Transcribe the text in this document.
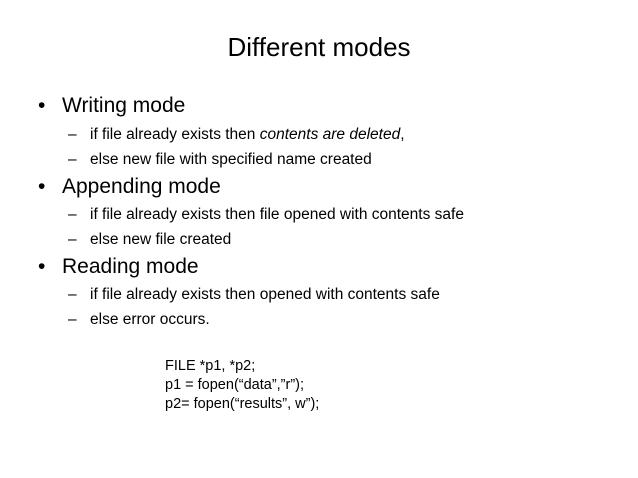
Different modes
• Writing mode
– if file already exists then contents are deleted,
– else new file with specified name created
• Appending mode
– if file already exists then file opened with contents safe
– else new file created
• Reading mode
– if file already exists then opened with contents safe
– else error occurs.
FILE *p1, *p2;
p1 = fopen(“data”,”r”);
p2= fopen(“results”, w”);
